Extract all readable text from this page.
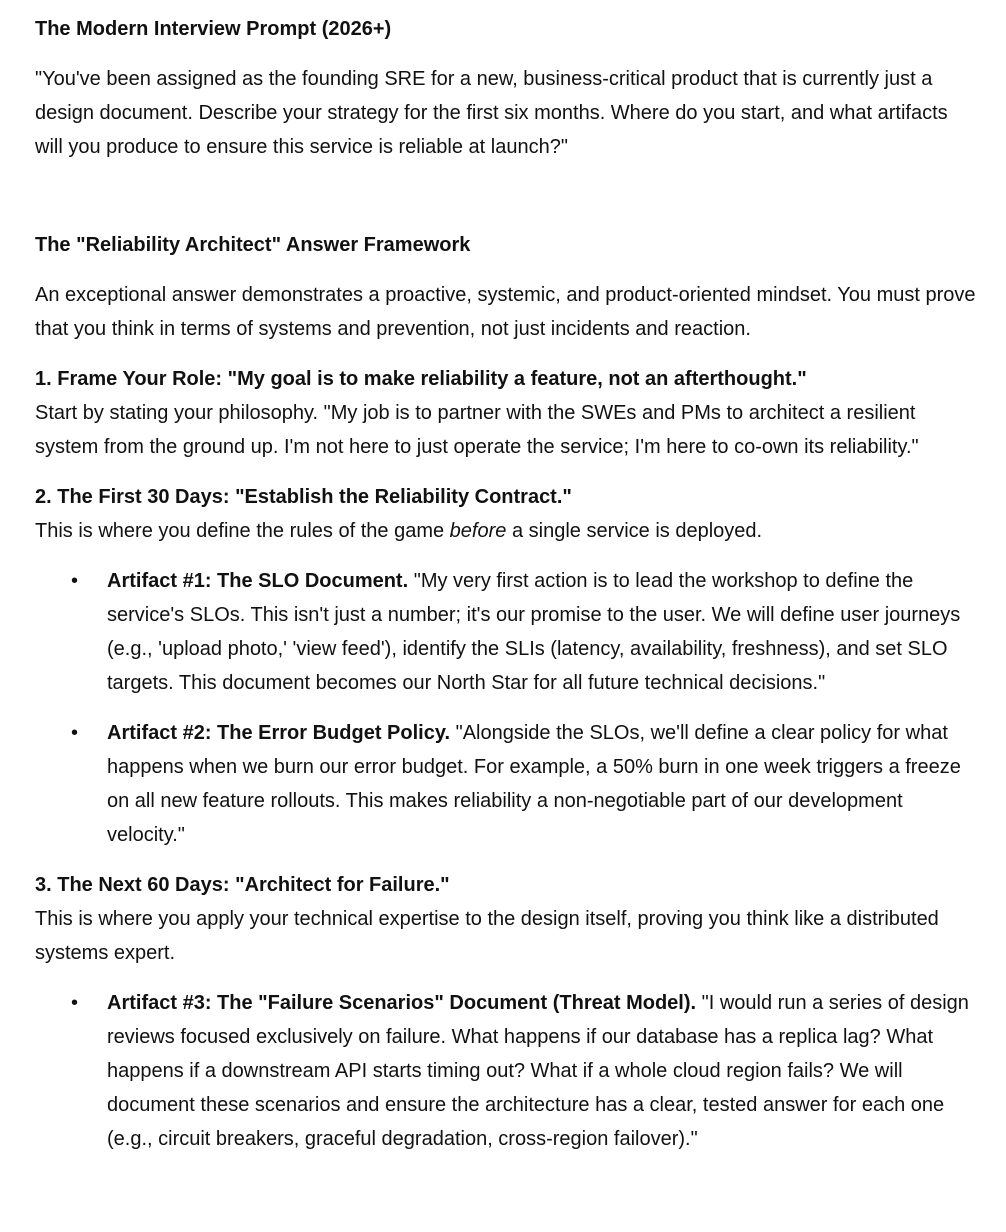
The Modern Interview Prompt (2026+)

"You've been assigned as the founding SRE for a new, business-critical product that is currently just a design document. Describe your strategy for the first six months. Where do you start, and what artifacts will you produce to ensure this service is reliable at launch?"

The "Reliability Architect" Answer Framework

An exceptional answer demonstrates a proactive, systemic, and product-oriented mindset. You must prove that you think in terms of systems and prevention, not just incidents and reaction.

1. Frame Your Role: "My goal is to make reliability a feature, not an afterthought."

Start by stating your philosophy. "My job is to partner with the SWEs and PMs to architect a resilient system from the ground up. I'm not here to just operate the service; I'm here to co-own its reliability."

2. The First 30 Days: "Establish the Reliability Contract."

This is where you define the rules of the game before a single service is deployed.

• Artifact #1: The SLO Document. "My very first action is to lead the workshop to define the service's SLOs. This isn't just a number; it's our promise to the user. We will define user journeys (e.g., 'upload photo,' 'view feed'), identify the SLIs (latency, availability, freshness), and set SLO targets. This document becomes our North Star for all future technical decisions."
• Artifact #2: The Error Budget Policy. "Alongside the SLOs, we'll define a clear policy for what happens when we burn our error budget. For example, a 50% burn in one week triggers a freeze on all new feature rollouts. This makes reliability a non-negotiable part of our development velocity."
3. The Next 60 Days: "Architect for Failure."

This is where you apply your technical expertise to the design itself, proving you think like a distributed systems expert.

• Artifact #3: The "Failure Scenarios" Document (Threat Model). "I would run a series of design reviews focused exclusively on failure. What happens if our database has a replica lag? What happens if a downstream API starts timing out? What if a whole cloud region fails? We will document these scenarios and ensure the architecture has a clear, tested answer for each one (e.g., circuit breakers, graceful degradation, cross-region failover)."
